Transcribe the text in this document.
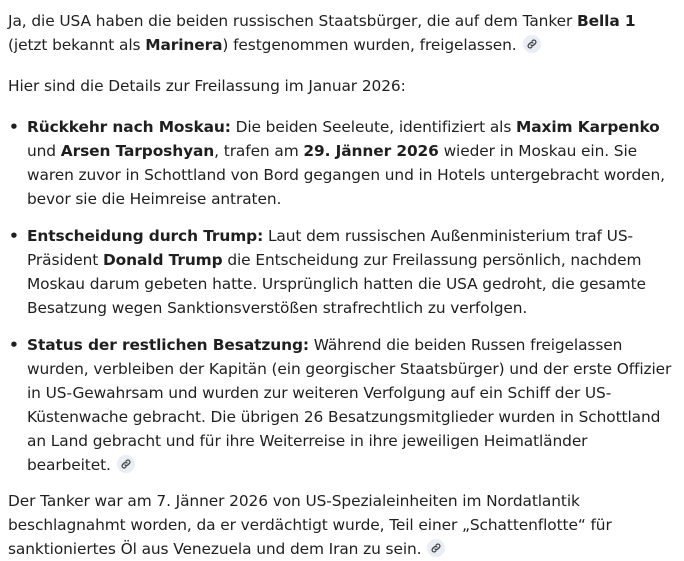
Ja, die USA haben die beiden russischen Staatsbürger, die auf dem Tanker Bella 1 (jetzt bekannt als Marinera) festgenommen wurden, freigelassen.

Hier sind die Details zur Freilassung im Januar 2026:

• Rückkehr nach Moskau: Die beiden Seeleute, identifiziert als Maxim Karpenko und Arsen Tarposhyan, trafen am 29. Jänner 2026 wieder in Moskau ein. Sie waren zuvor in Schottland von Bord gegangen und in Hotels untergebracht worden, bevor sie die Heimreise antraten.
• Entscheidung durch Trump: Laut dem russischen Außenministerium traf US-Präsident Donald Trump die Entscheidung zur Freilassung persönlich, nachdem Moskau darum gebeten hatte. Ursprünglich hatten die USA gedroht, die gesamte Besatzung wegen Sanktionsverstößen strafrechtlich zu verfolgen.
• Status der restlichen Besatzung: Während die beiden Russen freigelassen wurden, verbleiben der Kapitän (ein georgischer Staatsbürger) und der erste Offizier in US-Gewahrsam und wurden zur weiteren Verfolgung auf ein Schiff der US-Küstenwache gebracht. Die übrigen 26 Besatzungsmitglieder wurden in Schottland an Land gebracht und für ihre Weiterreise in ihre jeweiligen Heimatländer bearbeitet.

Der Tanker war am 7. Jänner 2026 von US-Spezialeinheiten im Nordatlantik beschlagnahmt worden, da er verdächtigt wurde, Teil einer „Schattenflotte“ für sanktioniertes Öl aus Venezuela und dem Iran zu sein.
